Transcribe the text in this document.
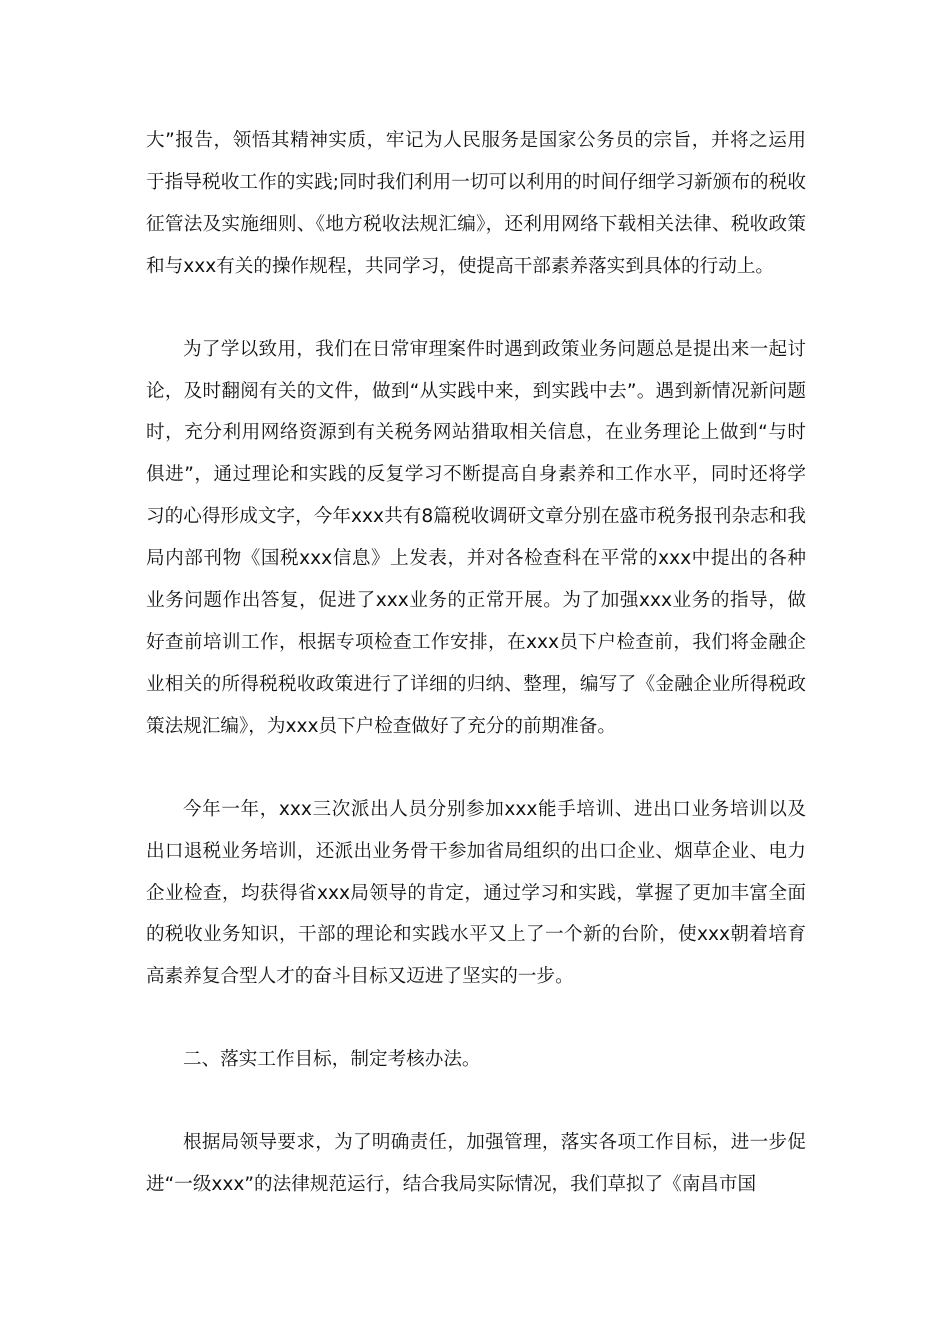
大”报告，领悟其精神实质，牢记为人民服务是国家公务员的宗旨，并将之运用于指导税收工作的实践;同时我们利用一切可以利用的时间仔细学习新颁布的税收征管法及实施细则、《地方税收法规汇编》，还利用网络下载相关法律、税收政策和与xxx有关的操作规程，共同学习，使提高干部素养落实到具体的行动上。

为了学以致用，我们在日常审理案件时遇到政策业务问题总是提出来一起讨论，及时翻阅有关的文件，做到“从实践中来，到实践中去”。遇到新情况新问题时，充分利用网络资源到有关税务网站猎取相关信息，在业务理论上做到“与时俱进”，通过理论和实践的反复学习不断提高自身素养和工作水平，同时还将学习的心得形成文字，今年xxx共有8篇税收调研文章分别在盛市税务报刊杂志和我局内部刊物《国税xxx信息》上发表，并对各检查科在平常的xxx中提出的各种业务问题作出答复，促进了xxx业务的正常开展。为了加强xxx业务的指导，做好查前培训工作，根据专项检查工作安排，在xxx员下户检查前，我们将金融企业相关的所得税税收政策进行了详细的归纳、整理，编写了《金融企业所得税政策法规汇编》，为xxx员下户检查做好了充分的前期准备。

今年一年，xxx三次派出人员分别参加xxx能手培训、进出口业务培训以及出口退税业务培训，还派出业务骨干参加省局组织的出口企业、烟草企业、电力企业检查，均获得省xxx局领导的肯定，通过学习和实践，掌握了更加丰富全面的税收业务知识，干部的理论和实践水平又上了一个新的台阶，使xxx朝着培育高素养复合型人才的奋斗目标又迈进了坚实的一步。

二、落实工作目标，制定考核办法。

根据局领导要求，为了明确责任，加强管理，落实各项工作目标，进一步促进“一级xxx”的法律规范运行，结合我局实际情况，我们草拟了《南昌市国
